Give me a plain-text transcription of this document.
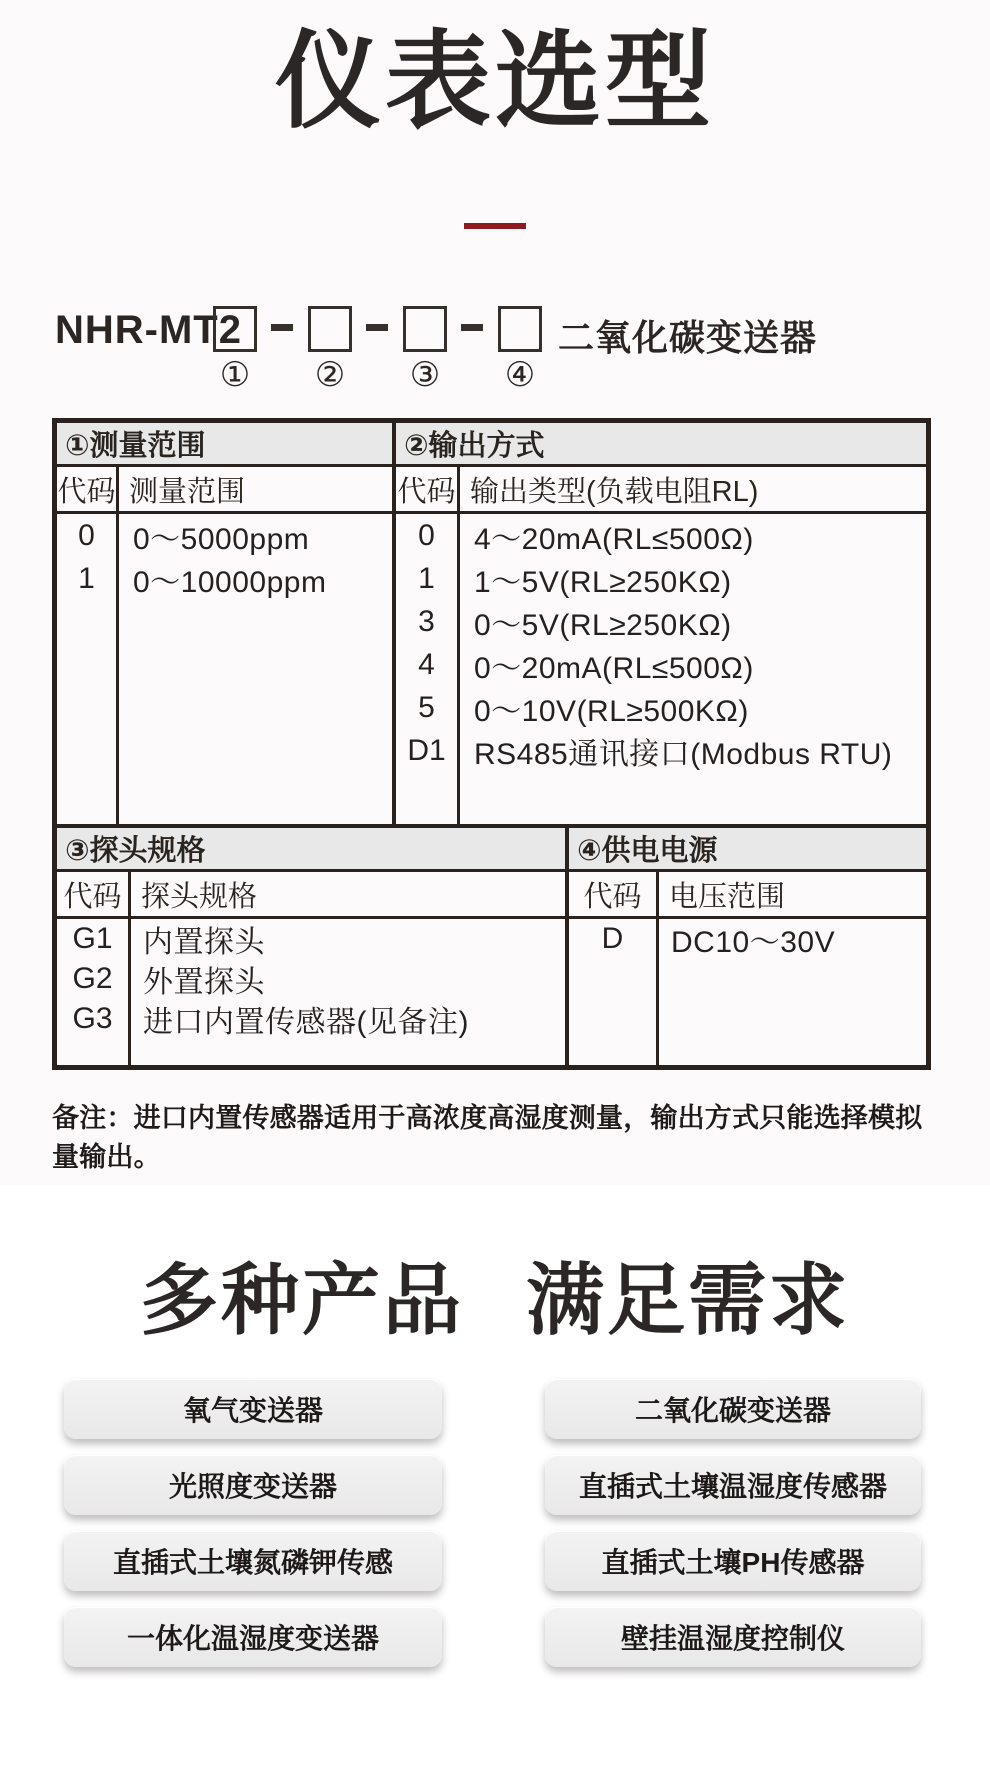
仪表选型
NHR-MT2	二氧化碳变送器
① ② ③ ④
①测量范围
代码
0
1
测量范围
0～5000ppm
0～10000ppm
②输出方式
代码
0
1
3
4
5
D1
输出类型(负载电阻RL)
4～20mA(RL≤500Ω)
1～5V(RL≥250KΩ)
0～5V(RL≥250KΩ)
0～20mA(RL≤500Ω)
0～10V(RL≥500KΩ)
RS485通讯接口(Modbus RTU)
③探头规格
代码
G1
G2
G3
探头规格
内置探头
外置探头
进口内置传感器(见备注)
④供电电源
代码
D
电压范围
DC10～30V
备注：进口内置传感器适用于高浓度高湿度测量，输出方式只能选择模拟量输出。
多种产品 满足需求
氧气变送器
光照度变送器
直插式土壤氮磷钾传感
一体化温湿度变送器
二氧化碳变送器
直插式土壤温湿度传感器
直插式土壤PH传感器
壁挂温湿度控制仪
